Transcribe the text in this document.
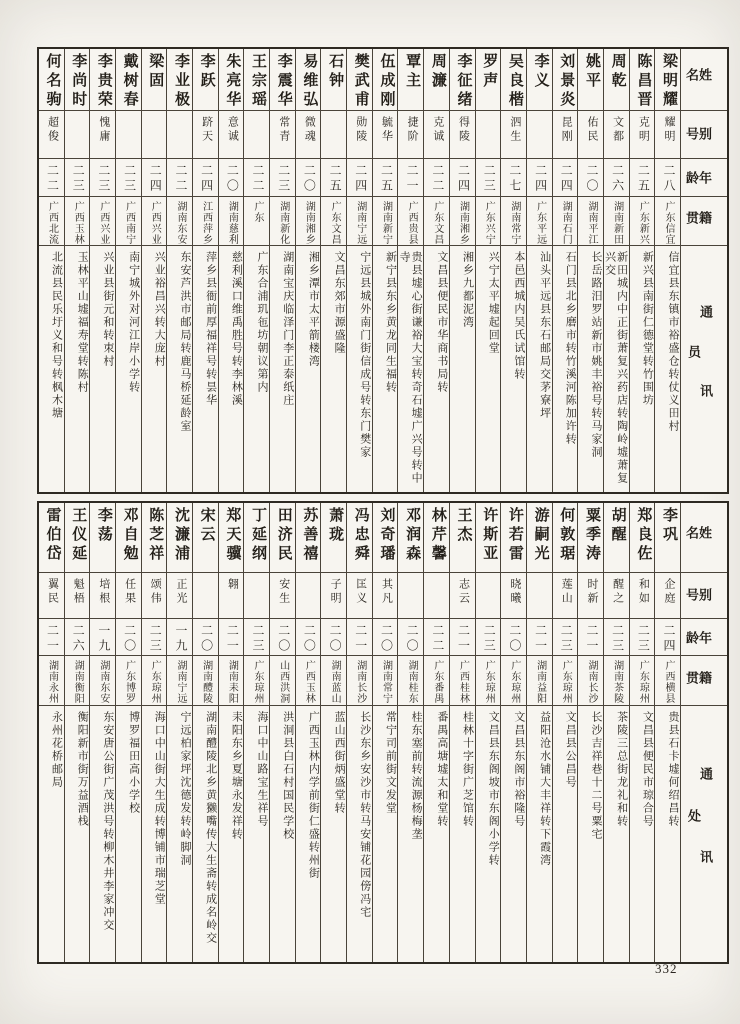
姓名
别号
年龄
籍贯
通讯员
梁明耀
耀明
二八
广东信宜
信宜县东镇市裕盛仓转仗义田村
陈昌晋
克明
二五
广东新兴
新兴县南街仁德堂转竹围坊
周乾
文都
二六
湖南新田
新田城内中正街萧复兴药店转陶岭墟萧复兴交
姚平
佑民
二〇
湖南平江
长岳路汨罗站新市姚丰裕号转马家洞
刘景炎
昆刚
二四
湖南石门
石门县北乡磨市转竹溪河陈加许转
李义
二四
广东平远
汕头平远县东石邮局交茅寮坪
吴良楷
泗生
二七
湖南常宁
本邑西城内吴氏试馆转
罗声
二三
广东兴宁
兴宁太平墟起回堂
李征绪
得陵
二四
湖南湘乡
湘乡九都泥湾
周濂
克诚
二二
广东文昌
文昌县便民市华商书局转
覃主
捷阶
二一
广西贵县
贵县墟心街谦裕大宝转奇石墟广兴号转中寺
伍成刚
毓华
二五
湖南新宁
新宁县东乡黄龙同生福转
樊武甫
勋陵
二四
湖南宁远
宁远县城外南门街信成号转东门樊家
石钟
二五
广东文昌
文昌东郊市源盛隆
易维弘
微魂
二〇
湖南湘乡
湘乡潭市太平箭楼湾
李震华
常青
二三
湖南新化
湖南宝庆临泽门李正泰纸庄
王宗瑶
二二
广东
广东合浦玑㐌坊朝议第内
朱亮华
意诚
二〇
湖南慈利
慈利溪口维禹胜号转李林溪
李跃
跻天
二四
江西萍乡
萍乡县衙前厚福祥号转昙华
李业极
二二
湖南东安
东安芦洪市邮局转鹿马桥延龄室
梁固
二四
广西兴业
兴业裕昌兴转大庞村
戴树春
二三
广西南宁
南宁城外对河江岸小学转
李贵荣
愧庸
二三
广西兴业
兴业县街元和转朿村
李尚时
二三
广西玉林
玉林平山墟福寿堂转陈村
何名驹
超俊
二二
广西北流
北流县民乐圩义和号转枫木塘
姓名
别号
年龄
籍贯
通讯处
李巩
企庭
二四
广西横县
贵县石卡墟何绍昌转
郑良佐
和如
二三
广东琼州
文昌县便民市琼合号
胡醒
醒之
二三
湖南茶陵
茶陵三总街龙礼和转
粟季涛
时新
二一
湖南长沙
长沙吉祥巷十二号粟宅
何敦琚
莲山
二三
广东琼州
文昌县公昌号
游嗣光
二一
湖南益阳
益阳沧水铺大丰祥转下霞湾
许若雷
晓曦
二〇
广东琼州
文昌县东阁市裕隆号
许斯亚
二三
广东琼州
文昌县东阁坡市东阁小学转
王杰
志云
二一
广西桂林
桂林十字街广芝馆转
林芹馨
二二
广东番禺
番禺高塘墟太和堂转
邓润森
二〇
湖南桂东
桂东塞前转流源杨梅垄
刘奇璠
其凡
二〇
湖南常宁
常宁司前街文发堂
冯忠舜
匡义
二一
湖南长沙
长沙东乡安沙市转马安铺花园傍冯宅
萧珑
子明
二〇
湖南蓝山
蓝山西街炳盛堂转
苏善禧
二〇
广西玉林
广西玉林内学前街仁盛转州街
田济民
安生
二〇
山西洪洞
洪洞县白石村国民学校
丁延纲
二三
广东琼州
海口中山路宝生祥号
郑天骥
翱
二一
湖南耒阳
耒阳东乡夏塘永发祥转
宋云
二〇
湖南醴陵
湖南醴陵北乡黄獭嘴传大生斋转成名岭交
沈濂浦
正光
一九
湖南宁远
宁远柏家坪沈德发转岭脚洞
陈芝祥
颂伟
二三
广东琼州
海口中山街大生成转博铺市瑞芝堂
邓自勉
任果
二〇
广东博罗
博罗福田高小学校
李荡
培根
一九
湖南东安
东安唐公街广茂洪号转柳木井李家冲交
王仪延
魁梧
二六
湖南衡阳
衡阳新市街万益酒栈
雷伯岱
翼民
二一
湖南永州
永州花桥邮局
332
